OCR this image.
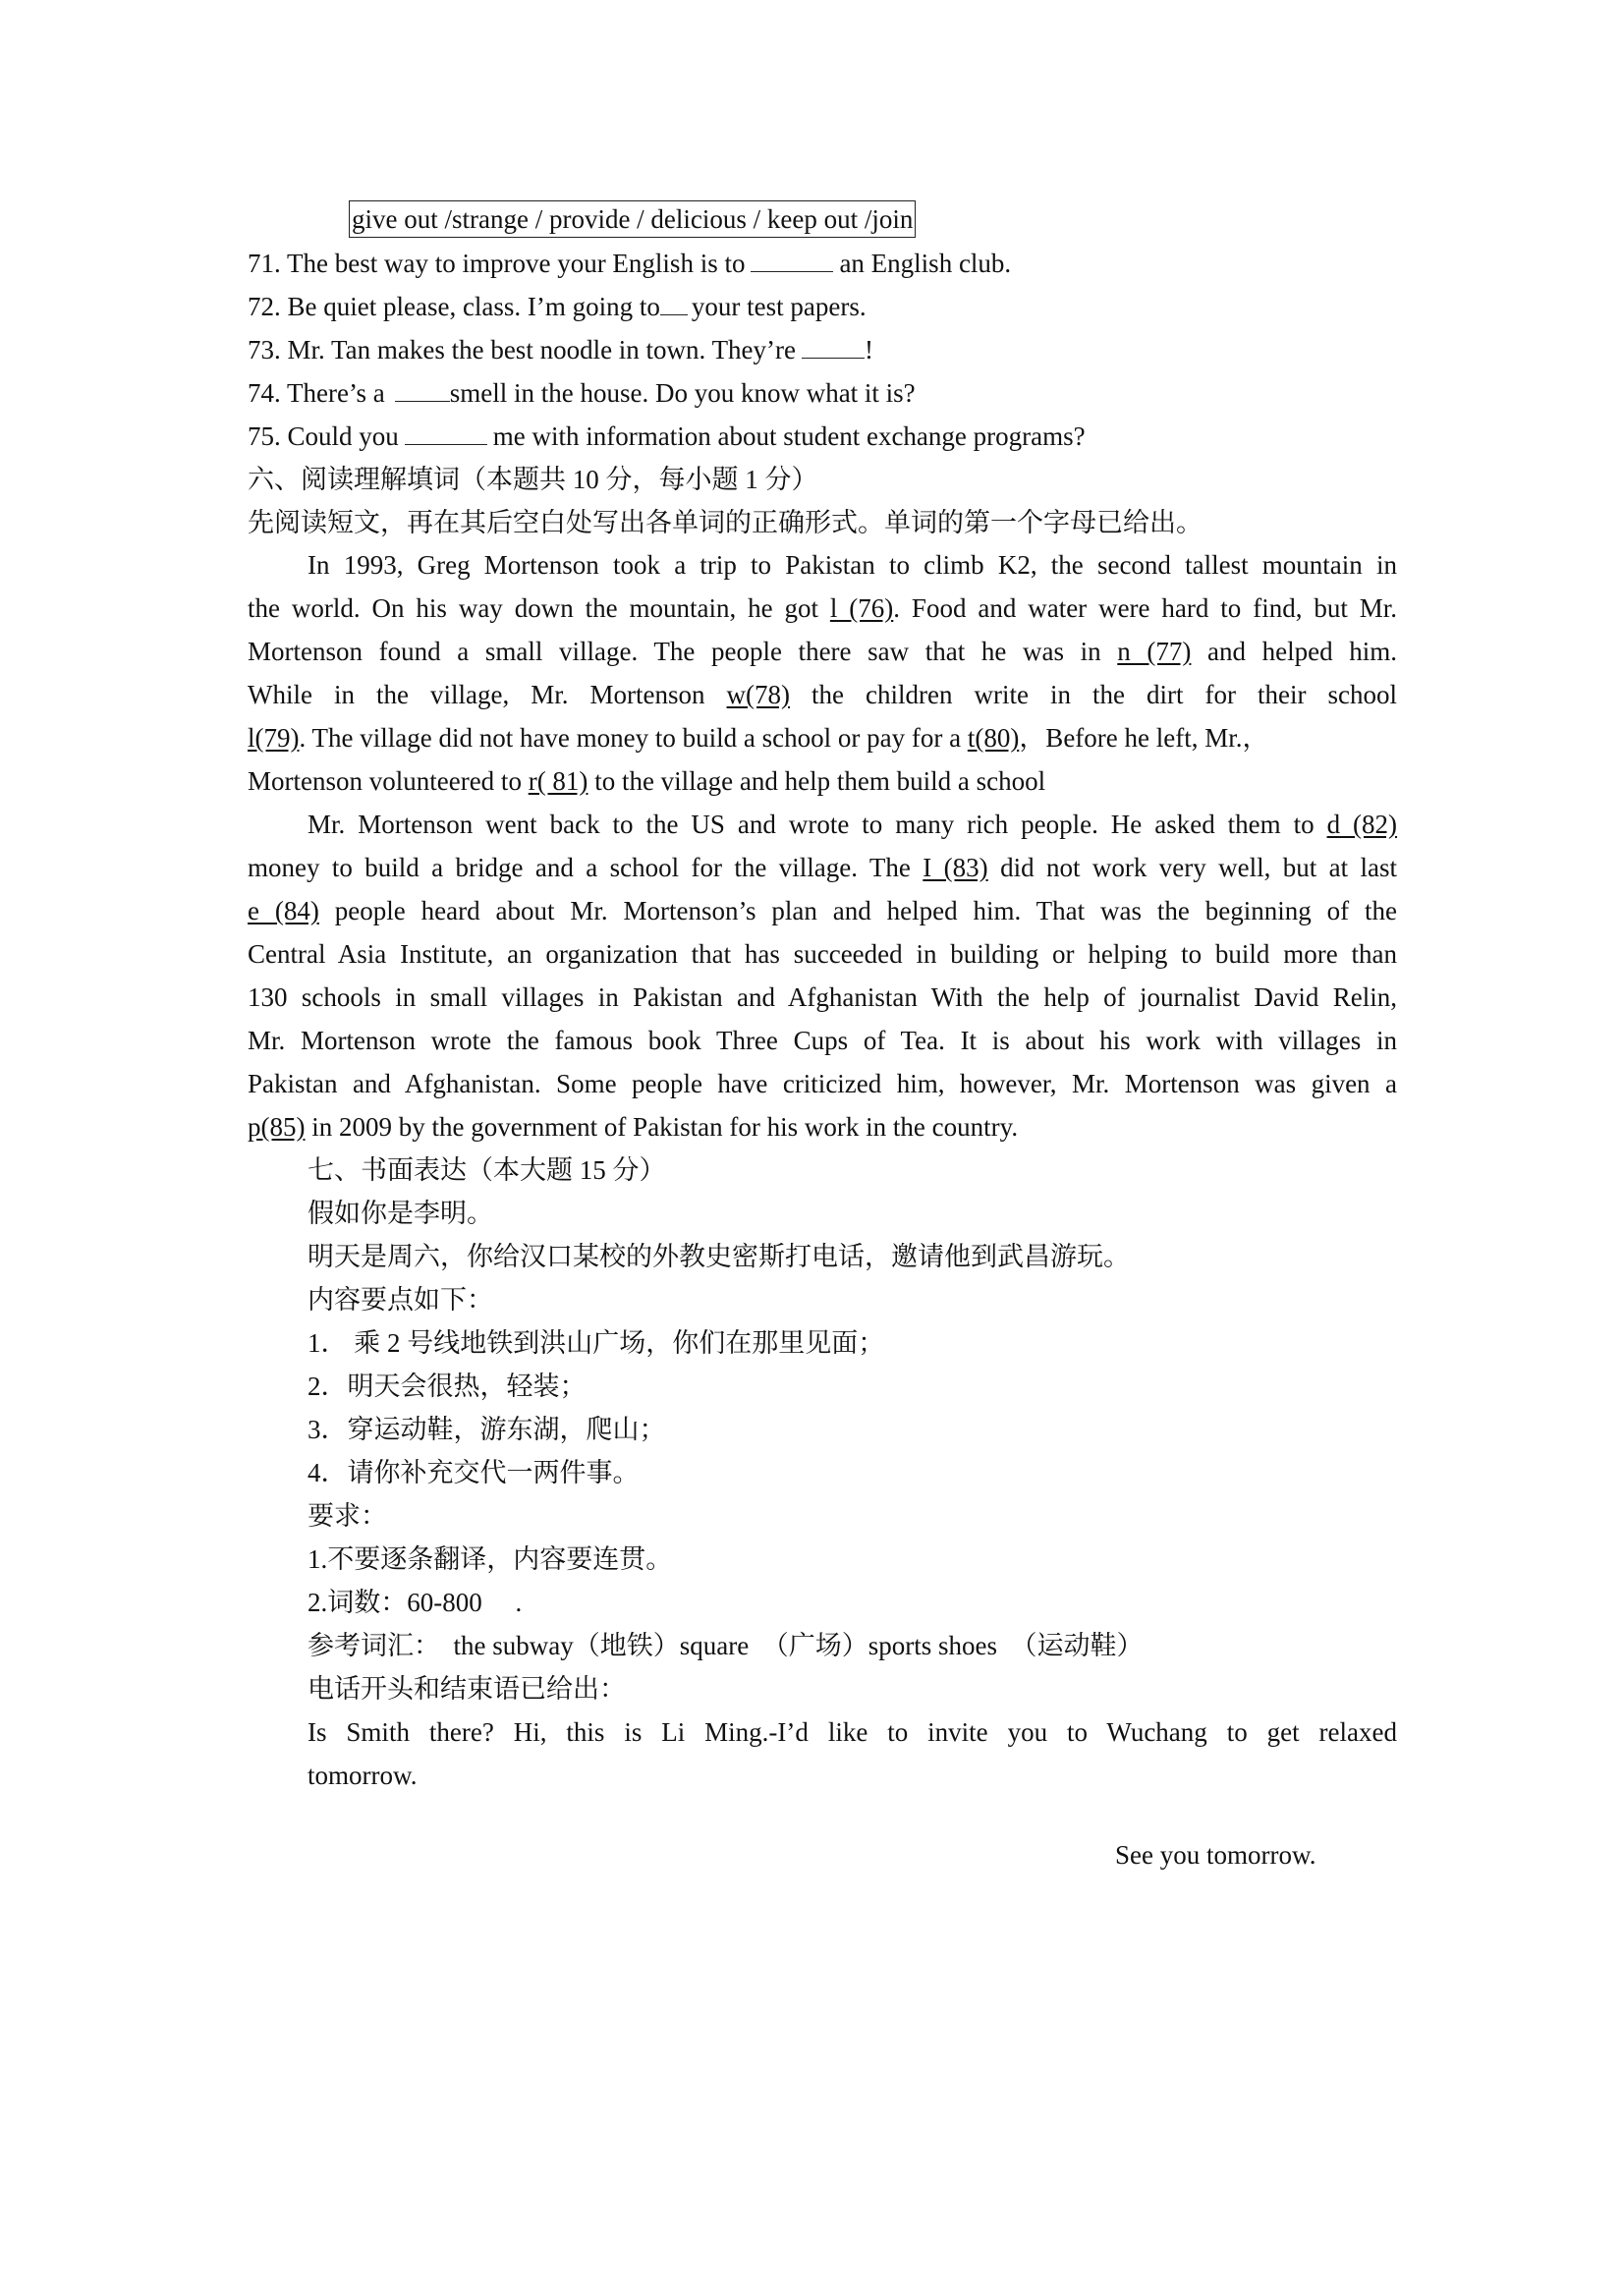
give out /strange / provide / delicious / keep out /join
71. The best way to improve your English is to	an English club.
72. Be quiet please, class. I’m going to your test papers.
73. Mr. Tan makes the best noodle in town. They’re	!
74. There’s a smell in the house. Do you know what it is?
75. Could you	me with information about student exchange programs?
六、阅读理解填词（本题共 10 分，每小题 1 分）
先阅读短文，再在其后空白处写出各单词的正确形式。单词的第一个字母已给出。
In 1993, Greg Mortenson took a trip to Pakistan to climb K2, the second tallest mountain in
the world. On his way down the mountain, he got l (76). Food and water were hard to find, but Mr.
Mortenson found a small village. The people there saw that he was in n (77) and helped him.
While in the village, Mr. Mortenson w(78) the children write in the dirt for their school
l(79). The village did not have money to build a school or pay for a t(80)，Before he left, Mr.，
Mortenson volunteered to r( 81) to the village and help them build a school
Mr. Mortenson went back to the US and wrote to many rich people. He asked them to d (82)
money to build a bridge and a school for the village. The I (83) did not work very well, but at last
e (84) people heard about Mr. Mortenson’s plan and helped him. That was the beginning of the
Central Asia Institute, an organization that has succeeded in building or helping to build more than
130 schools in small villages in Pakistan and Afghanistan With the help of journalist David Relin,
Mr. Mortenson wrote the famous book Three Cups of Tea. It is about his work with villages in
Pakistan and Afghanistan. Some people have criticized him, however, Mr. Mortenson was given a
p(85) in 2009 by the government of Pakistan for his work in the country.
七、书面表达（本大题 15 分）
假如你是李明。
明天是周六，你给汉口某校的外教史密斯打电话，邀请他到武昌游玩。
内容要点如下：
1． 乘 2 号线地铁到洪山广场，你们在那里见面；
2．明天会很热，轻装；
3．穿运动鞋，游东湖，爬山；
4．请你补充交代一两件事。
要求：
1.不要逐条翻译，内容要连贯。
2.词数：60-800　 .
参考词汇：　the subway（地铁）square　（广场）sports shoes　（运动鞋）
电话开头和结束语已给出：
Is Smith there? Hi, this is Li Ming.-I’d like to invite you to Wuchang to get relaxed
tomorrow.
See you tomorrow.
